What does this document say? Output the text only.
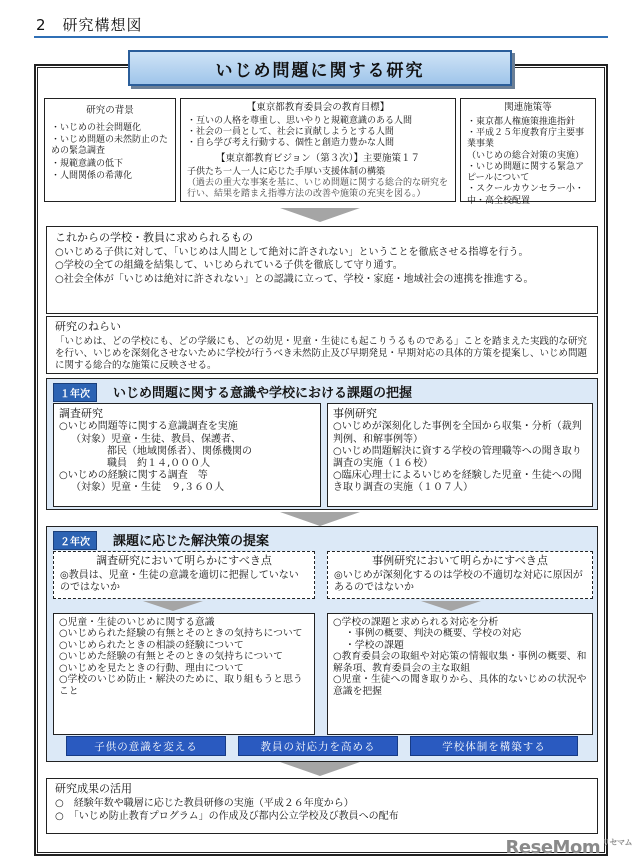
2　研究構想図
いじめ問題に関する研究
研究の背景
・いじめの社会問題化
・いじめ問題の未然防止のための緊急調査
・規範意識の低下
・人間関係の希薄化
【東京都教育委員会の教育目標】
・互いの人格を尊重し、思いやりと規範意識のある人間
・社会の一員として、社会に貢献しようとする人間
・自ら学び考え行動する、個性と創造力豊かな人間
【東京都教育ビジョン（第３次）】主要施策１７
子供たち一人一人に応じた手厚い支援体制の構築
（過去の重大な事案を基に、いじめ問題に関する総合的な研究を行い、結果を踏まえ指導方法の改善や施策の充実を図る。）
関連施策等
・東京都人権施策推進指針
・平成２５年度教育庁主要事業事業
（いじめの総合対策の実施）
・いじめ問題に関する緊急アピールについて
・スクールカウンセラー小・中・高全校配置
これからの学校・教員に求められるもの
○いじめる子供に対して、「いじめは人間として絶対に許されない」ということを徹底させる指導を行う。
○学校の全ての組織を結集して、いじめられている子供を徹底して守り通す。
○社会全体が「いじめは絶対に許されない」との認識に立って、学校・家庭・地域社会の連携を推進する。
研究のねらい
「いじめは、どの学校にも、どの学級にも、どの幼児・児童・生徒にも起こりうるものである」ことを踏まえた実践的な研究を行い、いじめを深刻化させないために学校が行うべき未然防止及び早期発見・早期対応の具体的方策を提案し、いじめ問題に関する総合的な施策に反映させる。
１年次	いじめ問題に関する意識や学校における課題の把握
調査研究
○いじめ問題等に関する意識調査を実施
（対象）児童・生徒、教員、保護者、
都民（地域関係者）、関係機関の
職員　約１４,０００人
○いじめの経験に関する調査　等
（対象）児童・生徒　９,３６０人
事例研究
○いじめが深刻化した事例を全国から収集・分析（裁判判例、和解事例等）
○いじめ問題解決に資する学校の管理職等への聞き取り調査の実施（１６校）
○臨床心理士によるいじめを経験した児童・生徒への聞き取り調査の実施（１０７人）
２年次	課題に応じた解決策の提案
調査研究において明らかにすべき点
◎教員は、児童・生徒の意識を適切に把握していないのではないか
事例研究において明らかにすべき点
◎いじめが深刻化するのは学校の不適切な対応に原因があるのではないか
○児童・生徒のいじめに関する意識
○いじめられた経験の有無とそのときの気持ちについて
○いじめられたときの相談の経験について
○いじめた経験の有無とそのときの気持ちについて
○いじめを見たときの行動、理由について
○学校のいじめ防止・解決のために、取り組もうと思うこと
○学校の課題と求められる対応を分析
・事例の概要、判決の概要、学校の対応
・学校の課題
○教育委員会の取組や対応策の情報収集・事例の概要、和解条項、教育委員会の主な取組
○児童・生徒への聞き取りから、具体的ないじめの状況や意識を把握
子供の意識を変える	教員の対応力を高める	学校体制を構築する
研究成果の活用
○　経験年数や職層に応じた教員研修の実施（平成２６年度から）
○　「いじめ防止教育プログラム」の作成及び都内公立学校及び教員への配布
ReseMom $^{リセマム}$
